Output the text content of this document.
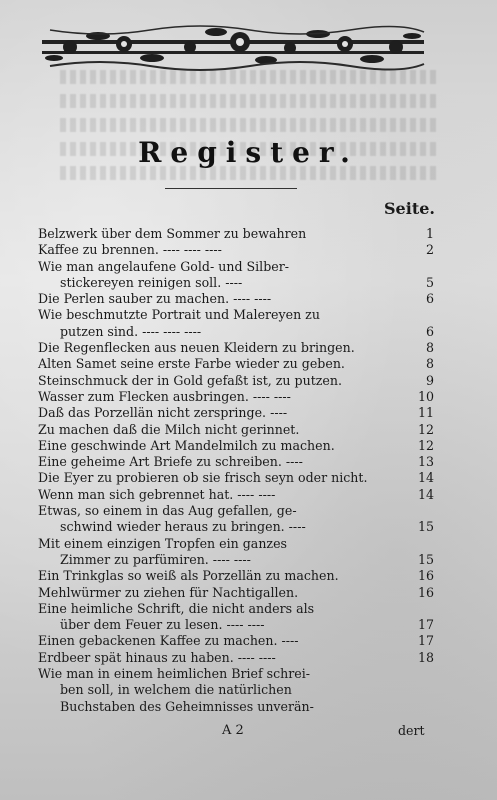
Register.
Seite.
Belzwerk über dem Sommer zu bewahren	1
Kaffee zu brennen. ---- ---- ----	2
Wie man angelaufene Gold- und Silber-
stickereyen reinigen soll. ----	5
Die Perlen sauber zu machen. ---- ----	6
Wie beschmutzte Portrait und Malereyen zu
putzen sind. ---- ---- ----	6
Die Regenflecken aus neuen Kleidern zu bringen.	8
Alten Samet seine erste Farbe wieder zu geben.	8
Steinschmuck der in Gold gefaßt ist, zu putzen.	9
Wasser zum Flecken ausbringen. ---- ----	10
Daß das Porzellän nicht zerspringe. ----	11
Zu machen daß die Milch nicht gerinnet.	12
Eine geschwinde Art Mandelmilch zu machen.	12
Eine geheime Art Briefe zu schreiben. ----	13
Die Eyer zu probieren ob sie frisch seyn oder nicht.	14
Wenn man sich gebrennet hat. ---- ----	14
Etwas, so einem in das Aug gefallen, ge-
schwind wieder heraus zu bringen. ----	15
Mit einem einzigen Tropfen ein ganzes
Zimmer zu parfümiren. ---- ----	15
Ein Trinkglas so weiß als Porzellän zu machen.	16
Mehlwürmer zu ziehen für Nachtigallen.	16
Eine heimliche Schrift, die nicht anders als
über dem Feuer zu lesen. ---- ----	17
Einen gebackenen Kaffee zu machen. ----	17
Erdbeer spät hinaus zu haben. ---- ----	18
Wie man in einem heimlichen Brief schrei-
ben soll, in welchem die natürlichen
Buchstaben des Geheimnisses unverän-
A 2	dert
